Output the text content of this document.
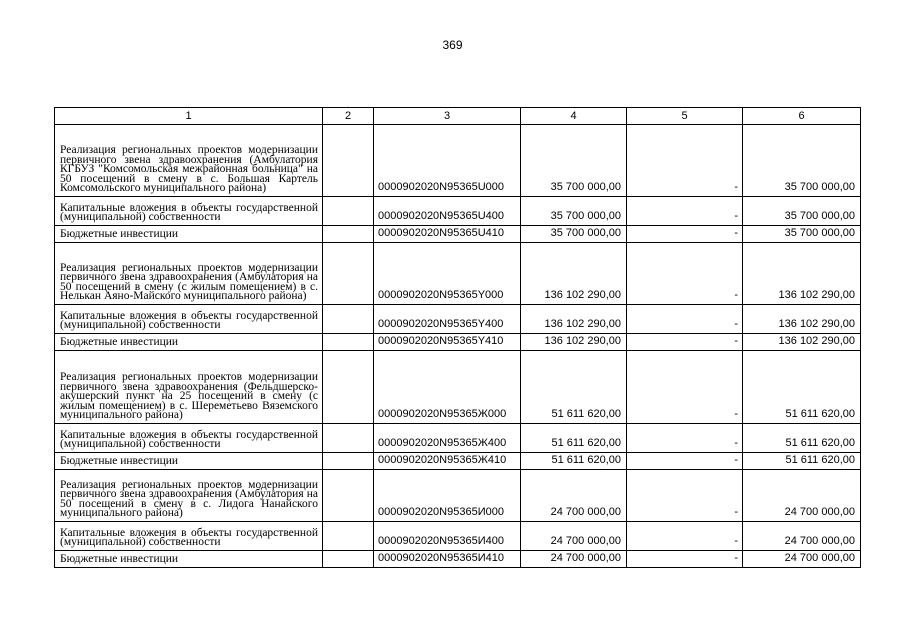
369
1	2	3	4	5	6
Реализация региональных проектов модернизации первичного звена здравоохранения (Амбулатория КГБУЗ "Комсомольская межрайонная больница" на 50 посещений в смену в с. Большая Картель Комсомольского муниципального района)		0000902020N95365U000	35 700 000,00	-	35 700 000,00
Капитальные вложения в объекты государственной (муниципальной) собственности		0000902020N95365U400	35 700 000,00	-	35 700 000,00
Бюджетные инвестиции		0000902020N95365U410	35 700 000,00	-	35 700 000,00
Реализация региональных проектов модернизации первичного звена здравоохранения (Амбулатория на 50 посещений в смену (с жилым помещением) в с. Нелькан Аяно-Майского муниципального района)		0000902020N95365Y000	136 102 290,00	-	136 102 290,00
Капитальные вложения в объекты государственной (муниципальной) собственности		0000902020N95365Y400	136 102 290,00	-	136 102 290,00
Бюджетные инвестиции		0000902020N95365Y410	136 102 290,00	-	136 102 290,00
Реализация региональных проектов модернизации первичного звена здравоохранения (Фельдшерско-акушерский пункт на 25 посещений в смену (с жилым помещением) в с. Шереметьево Вяземского муниципального района)		0000902020N95365Ж000	51 611 620,00	-	51 611 620,00
Капитальные вложения в объекты государственной (муниципальной) собственности		0000902020N95365Ж400	51 611 620,00	-	51 611 620,00
Бюджетные инвестиции		0000902020N95365Ж410	51 611 620,00	-	51 611 620,00
Реализация региональных проектов модернизации первичного звена здравоохранения (Амбулатория на 50 посещений в смену в с. Лидога Нанайского муниципального района)		0000902020N95365И000	24 700 000,00	-	24 700 000,00
Капитальные вложения в объекты государственной (муниципальной) собственности		0000902020N95365И400	24 700 000,00	-	24 700 000,00
Бюджетные инвестиции		0000902020N95365И410	24 700 000,00	-	24 700 000,00
